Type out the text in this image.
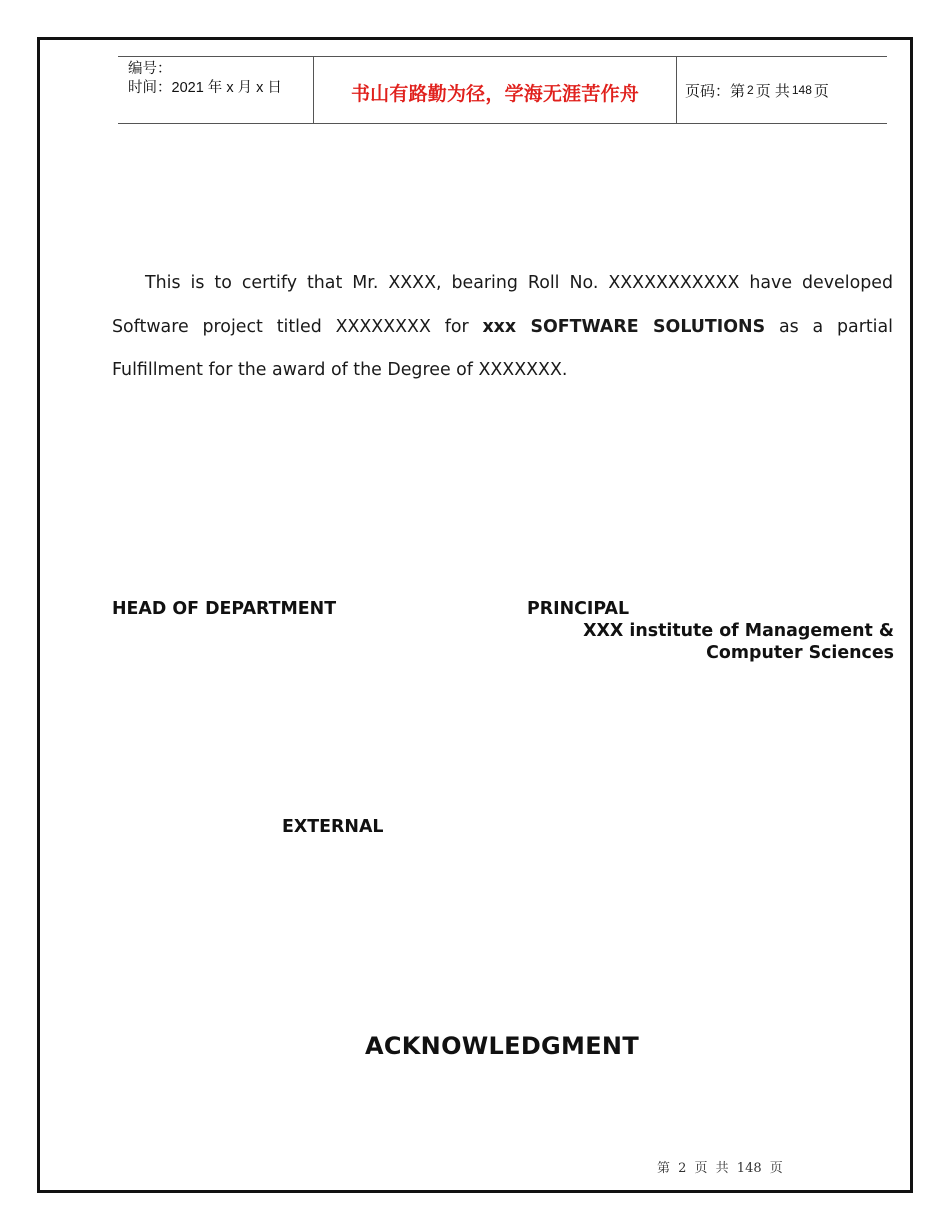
编号：
时间：2021 年 x 月 x 日	书山有路勤为径，学海无涯苦作舟	页码：第 2 页 共 148 页

This is to certify that Mr. XXXX, bearing Roll No. XXXXXXXXXXX have developed Software project titled XXXXXXXX for xxx SOFTWARE SOLUTIONS as a partial Fulfillment for the award of the Degree of XXXXXXX.

HEAD OF DEPARTMENT	PRINCIPAL
XXX institute of Management &
Computer Sciences
EXTERNAL
ACKNOWLEDGMENT
第 2 页 共 148 页
